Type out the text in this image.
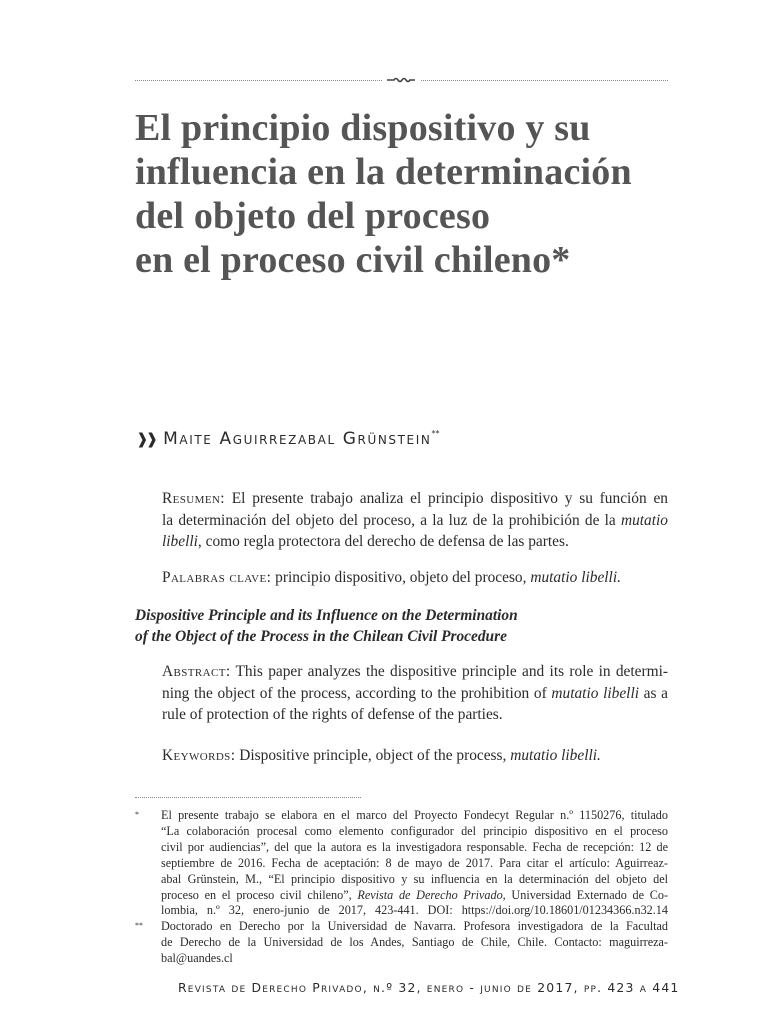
El principio dispositivo y su
influencia en la determinación
del objeto del proceso
en el proceso civil chileno*
❱❱ Maite Aguirrezabal Grünstein**
Resumen: El presente trabajo analiza el principio dispositivo y su función en
la determinación del objeto del proceso, a la luz de la prohibición de la mutatio
libelli, como regla protectora del derecho de defensa de las partes.
Palabras clave: principio dispositivo, objeto del proceso, mutatio libelli.
Dispositive Principle and its Influence on the Determination
of the Object of the Process in the Chilean Civil Procedure
Abstract: This paper analyzes the dispositive principle and its role in determi-
ning the object of the process, according to the prohibition of mutatio libelli as a
rule of protection of the rights of defense of the parties.
Keywords: Dispositive principle, object of the process, mutatio libelli.
* El presente trabajo se elabora en el marco del Proyecto Fondecyt Regular n.º 1150276, titulado
“La colaboración procesal como elemento configurador del principio dispositivo en el proceso
civil por audiencias”, del que la autora es la investigadora responsable. Fecha de recepción: 12 de
septiembre de 2016. Fecha de aceptación: 8 de mayo de 2017. Para citar el artículo: Aguirreaz-
abal Grünstein, M., “El principio dispositivo y su influencia en la determinación del objeto del
proceso en el proceso civil chileno”, Revista de Derecho Privado, Universidad Externado de Co-
lombia, n.º 32, enero-junio de 2017, 423-441. DOI: https://doi.org/10.18601/01234366.n32.14
** Doctorado en Derecho por la Universidad de Navarra. Profesora investigadora de la Facultad
de Derecho de la Universidad de los Andes, Santiago de Chile, Chile. Contacto: maguirreza-
bal@uandes.cl
Revista de Derecho Privado, n.º 32, enero - junio de 2017, pp. 423 a 441
